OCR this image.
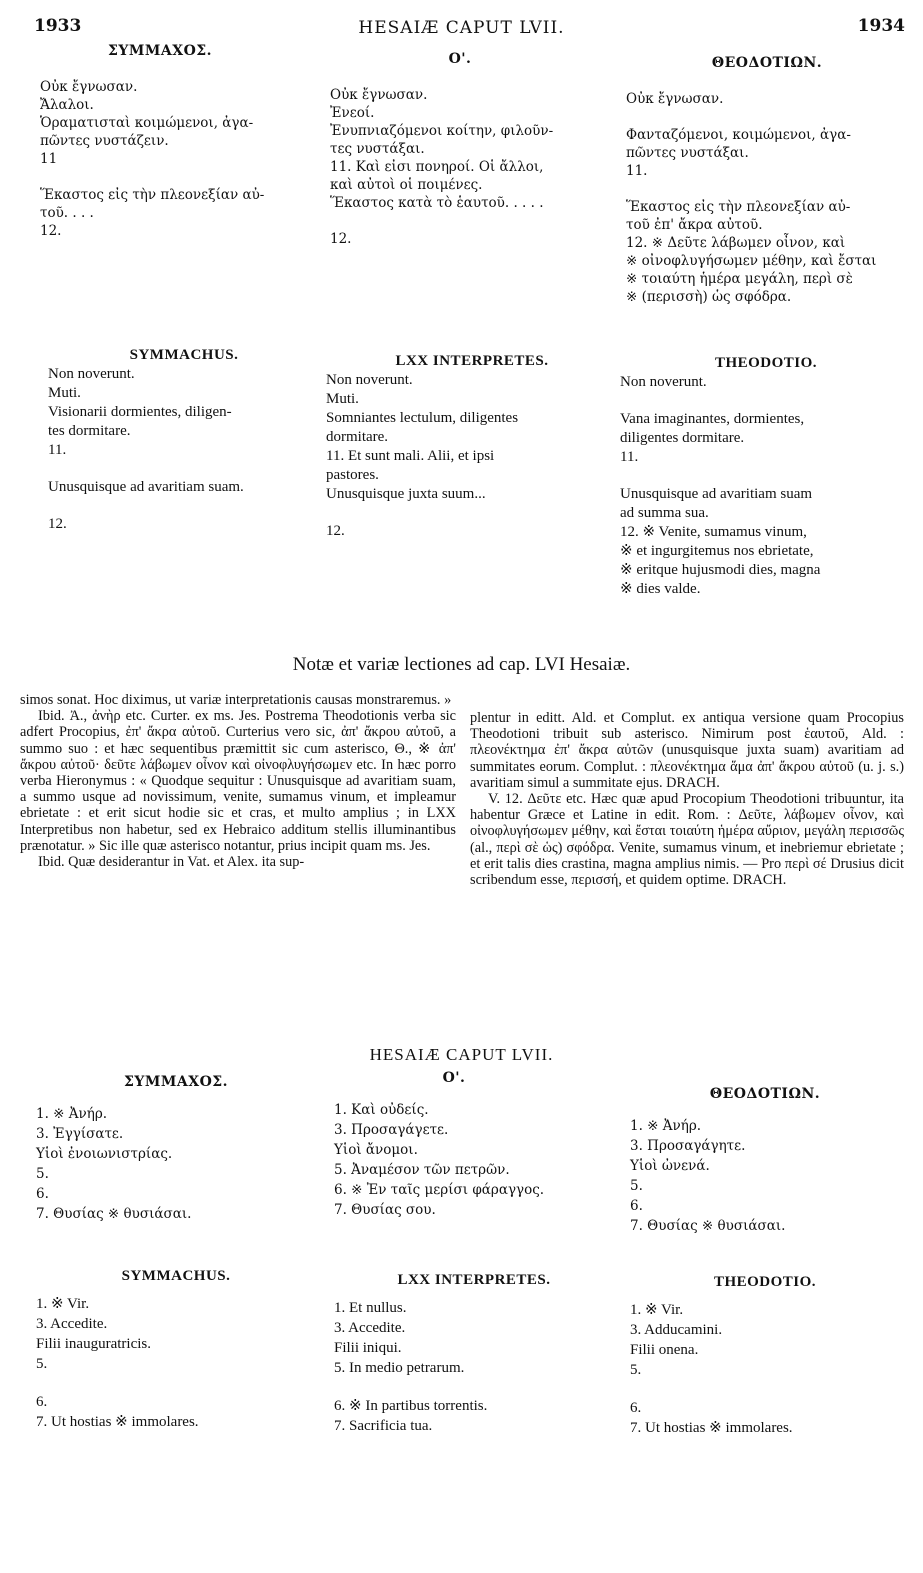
1933	HESAIÆ CAPUT LVII.	1934
ΣΥΜΜΑΧΟΣ.
Οὐκ ἔγνωσαν.
Ἄλαλοι.
Ὁραματισταὶ κοιμώμενοι, ἀγα-
πῶντες νυστάζειν.
11
Ἕκαστος εἰς τὴν πλεονεξίαν αὐ-
τοῦ. . . .
12.
Ο'.
Οὐκ ἔγνωσαν.
Ἐνεοί.
Ἐνυπνιαζόμενοι κοίτην, φιλοῦν-
τες νυστάξαι.
11. Καὶ εἰσι πονηροί. Οἱ ἄλλοι,
καὶ αὐτοὶ οἱ ποιμένες.
Ἕκαστος κατὰ τὸ ἑαυτοῦ. . . . .
12.
ΘΕΟΔΟΤΙΩΝ.
Οὐκ ἔγνωσαν.
Φανταζόμενοι, κοιμώμενοι, ἀγα-
πῶντες νυστάξαι.
11.
Ἕκαστος εἰς τὴν πλεονεξίαν αὐ-
τοῦ ἐπ' ἄκρα αὐτοῦ.
12. ※ Δεῦτε λάβωμεν οἶνον, καὶ
※ οἰνοφλυγήσωμεν μέθην, καὶ ἔσται
※ τοιαύτη ἡμέρα μεγάλη, περὶ σὲ
※ (περισσὴ) ὡς σφόδρα.
SYMMACHUS.
Non noverunt.
Muti.
Visionarii dormientes, diligen-
tes dormitare.
11.
Unusquisque ad avaritiam suam.
12.
LXX INTERPRETES.
Non noverunt.
Muti.
Somniantes lectulum, diligentes
dormitare.
11. Et sunt mali. Alii, et ipsi
pastores.
Unusquisque juxta suum...
12.
THEODOTIO.
Non noverunt.
Vana imaginantes, dormientes,
diligentes dormitare.
11.
Unusquisque ad avaritiam suam
ad summa sua.
12. ※ Venite, sumamus vinum,
※ et ingurgitemus nos ebrietate,
※ eritque hujusmodi dies, magna
※ dies valde.
Notæ et variæ lectiones ad cap. LVI Hesaiæ.

simos sonat. Hoc diximus, ut variæ interpretationis causas monstraremus. »

Ibid. Ἀ., ἀνὴρ etc. Curter. ex ms. Jes. Postrema Theodotionis verba sic adfert Procopius, ἐπ' ἄκρα αὐτοῦ. Curterius vero sic, ἀπ' ἄκρου αὐτοῦ, a summo suo : et hæc sequentibus præmittit sic cum asterisco, Θ., ※ ἀπ' ἄκρου αὐτοῦ· δεῦτε λάβωμεν οἶνον καὶ οἰνοφλυγήσωμεν etc. In hæc porro verba Hieronymus : « Quodque sequitur : Unusquisque ad avaritiam suam, a summo usque ad novissimum, venite, sumamus vinum, et impleamur ebrietate : et erit sicut hodie sic et cras, et multo amplius ; in LXX Interpretibus non habetur, sed ex Hebraico additum stellis illuminantibus prænotatur. » Sic ille quæ asterisco notantur, prius incipit quam ms. Jes.

Ibid. Quæ desiderantur in Vat. et Alex. ita sup-

plentur in editt. Ald. et Complut. ex antiqua versione quam Procopius Theodotioni tribuit sub asterisco. Nimirum post ἑαυτοῦ, Ald. : πλεονέκτημα ἐπ' ἄκρα αὐτῶν (unusquisque juxta suam) avaritiam ad summitates eorum. Complut. : πλεονέκτημα ἅμα ἀπ' ἄκρου αὐτοῦ (u. j. s.) avaritiam simul a summitate ejus. DRACH.

V. 12. Δεῦτε etc. Hæc quæ apud Procopium Theodotioni tribuuntur, ita habentur Græce et Latine in edit. Rom. : Δεῦτε, λάβωμεν οἶνον, καὶ οἰνοφλυγήσωμεν μέθην, καὶ ἔσται τοιαύτη ἡμέρα αὔριον, μεγάλη περισσῶς (al., περὶ σὲ ὡς) σφόδρα. Venite, sumamus vinum, et inebriemur ebrietate ; et erit talis dies crastina, magna amplius nimis. — Pro περὶ σέ Drusius dicit scribendum esse, περισσή, et quidem optime. DRACH.

HESAIÆ CAPUT LVII.
ΣΥΜΜΑΧΟΣ.
1. ※ Ἀνήρ.
3. Ἐγγίσατε.
Υἱοὶ ἐνοιωνιστρίας.
5.
6.
7. Θυσίας ※ θυσιάσαι.
Ο'.
1. Καὶ οὐδείς.
3. Προσαγάγετε.
Υἱοὶ ἄνομοι.
5. Ἀναμέσον τῶν πετρῶν.
6. ※ Ἐν ταῖς μερίσι φάραγγος.
7. Θυσίας σου.
ΘΕΟΔΟΤΙΩΝ.
1. ※ Ἀνήρ.
3. Προσαγάγητε.
Υἱοὶ ὠνενά.
5.
6.
7. Θυσίας ※ θυσιάσαι.
SYMMACHUS.
1. ※ Vir.
3. Accedite.
Filii inauguratricis.
5.
6.
7. Ut hostias ※ immolares.
LXX INTERPRETES.
1. Et nullus.
3. Accedite.
Filii iniqui.
5. In medio petrarum.
6. ※ In partibus torrentis.
7. Sacrificia tua.
THEODOTIO.
1. ※ Vir.
3. Adducamini.
Filii onena.
5.
6.
7. Ut hostias ※ immolares.
